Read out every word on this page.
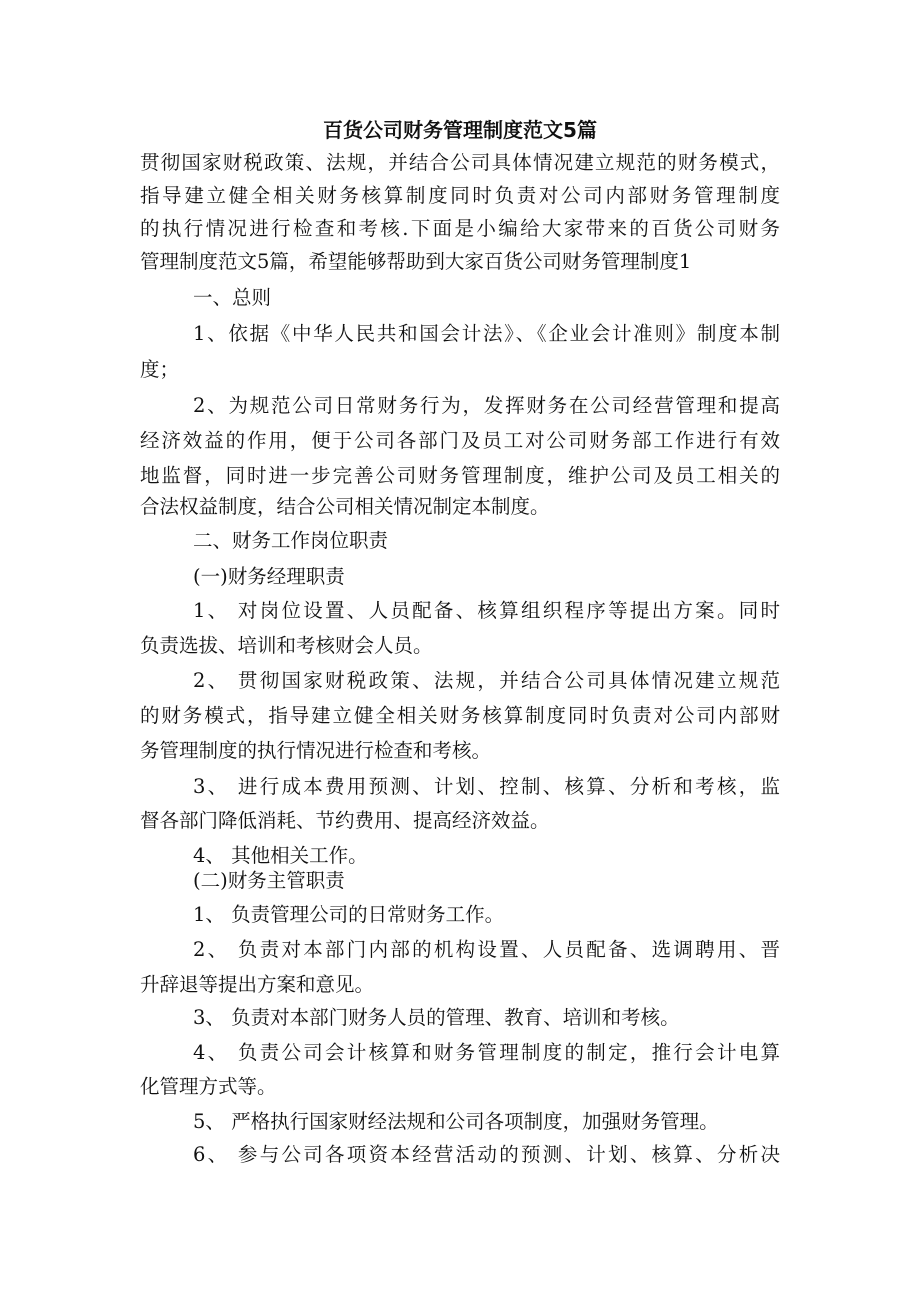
百货公司财务管理制度范文5篇
贯彻国家财税政策、法规，并结合公司具体情况建立规范的财务模式，
指导建立健全相关财务核算制度同时负责对公司内部财务管理制度
的执行情况进行检查和考核.下面是小编给大家带来的百货公司财务
管理制度范文5篇，希望能够帮助到大家百货公司财务管理制度1
一、总则
1、依据《中华人民共和国会计法》、《企业会计准则》制度本制
度；
2、为规范公司日常财务行为，发挥财务在公司经营管理和提高
经济效益的作用，便于公司各部门及员工对公司财务部工作进行有效
地监督，同时进一步完善公司财务管理制度，维护公司及员工相关的
合法权益制度，结合公司相关情况制定本制度。
二、财务工作岗位职责
(一)财务经理职责
1、 对岗位设置、人员配备、核算组织程序等提出方案。同时
负责选拔、培训和考核财会人员。
2、 贯彻国家财税政策、法规，并结合公司具体情况建立规范
的财务模式，指导建立健全相关财务核算制度同时负责对公司内部财
务管理制度的执行情况进行检查和考核。
3、 进行成本费用预测、计划、控制、核算、分析和考核，监
督各部门降低消耗、节约费用、提高经济效益。
4、 其他相关工作。
(二)财务主管职责
1、 负责管理公司的日常财务工作。
2、 负责对本部门内部的机构设置、人员配备、选调聘用、晋
升辞退等提出方案和意见。
3、 负责对本部门财务人员的管理、教育、培训和考核。
4、 负责公司会计核算和财务管理制度的制定，推行会计电算
化管理方式等。
5、 严格执行国家财经法规和公司各项制度，加强财务管理。
6、 参与公司各项资本经营活动的预测、计划、核算、分析决
